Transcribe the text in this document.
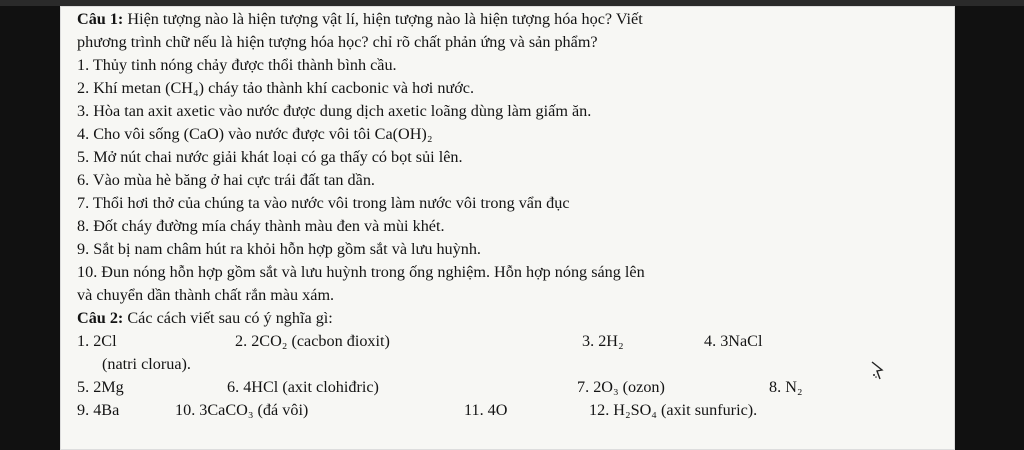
Câu 1: Hiện tượng nào là hiện tượng vật lí, hiện tượng nào là hiện tượng hóa học? Viết
phương trình chữ nếu là hiện tượng hóa học? chỉ rõ chất phản ứng và sản phẩm?
1. Thủy tinh nóng chảy được thổi thành bình cầu.
2. Khí metan (CH₄) cháy tảo thành khí cacbonic và hơi nước.
3. Hòa tan axit axetic vào nước được dung dịch axetic loãng dùng làm giấm ăn.
4. Cho vôi sống (CaO) vào nước được vôi tôi Ca(OH)₂
5. Mở nút chai nước giải khát loại có ga thấy có bọt sủi lên.
6. Vào mùa hè băng ở hai cực trái đất tan dần.
7. Thổi hơi thở của chúng ta vào nước vôi trong làm nước vôi trong vẩn đục
8. Đốt cháy đường mía cháy thành màu đen và mùi khét.
9. Sắt bị nam châm hút ra khỏi hỗn hợp gồm sắt và lưu huỳnh.
10. Đun nóng hỗn hợp gồm sắt và lưu huỳnh trong ống nghiệm. Hỗn hợp nóng sáng lên
và chuyển dần thành chất rắn màu xám.
Câu 2: Các cách viết sau có ý nghĩa gì:
1. 2Cl	2. 2CO₂ (cacbon đioxit)	3. 2H₂	4. 3NaCl
(natri clorua).
5. 2Mg	6. 4HCl (axit clohiđric)	7. 2O₃ (ozon)	8. N₂
9. 4Ba	10. 3CaCO₃ (đá vôi)	11. 4O	12. H₂SO₄ (axit sunfuric).
